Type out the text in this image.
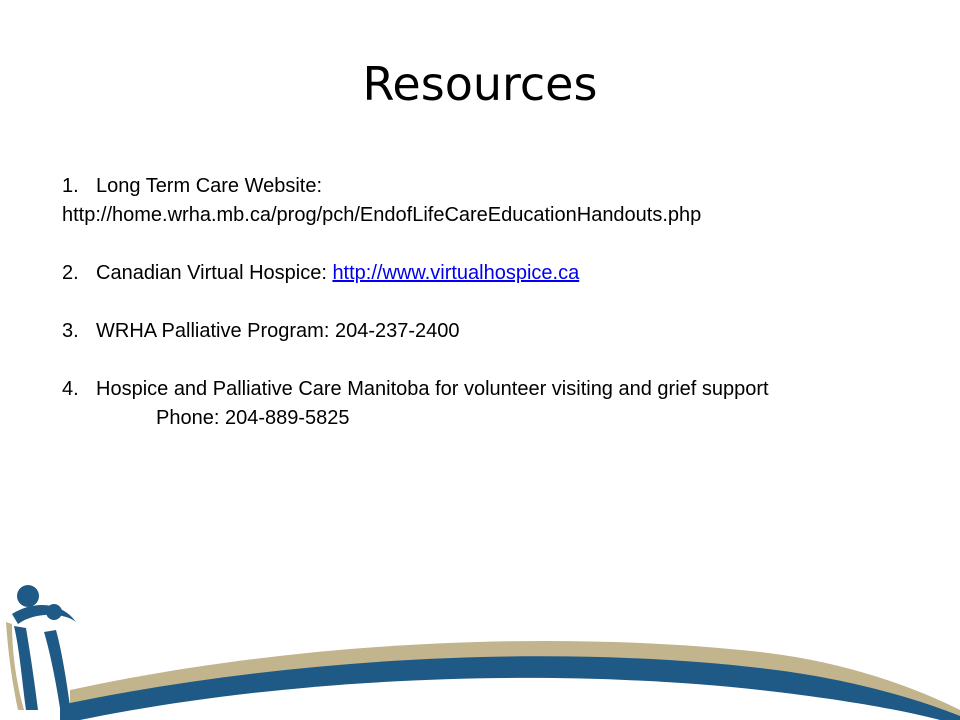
Resources
1. Long Term Care Website:
http://home.wrha.mb.ca/prog/pch/EndofLifeCareEducationHandouts.php
2. Canadian Virtual Hospice: http://www.virtualhospice.ca
3. WRHA Palliative Program: 204-237-2400
4. Hospice and Palliative Care Manitoba for volunteer visiting and grief support
Phone: 204-889-5825
